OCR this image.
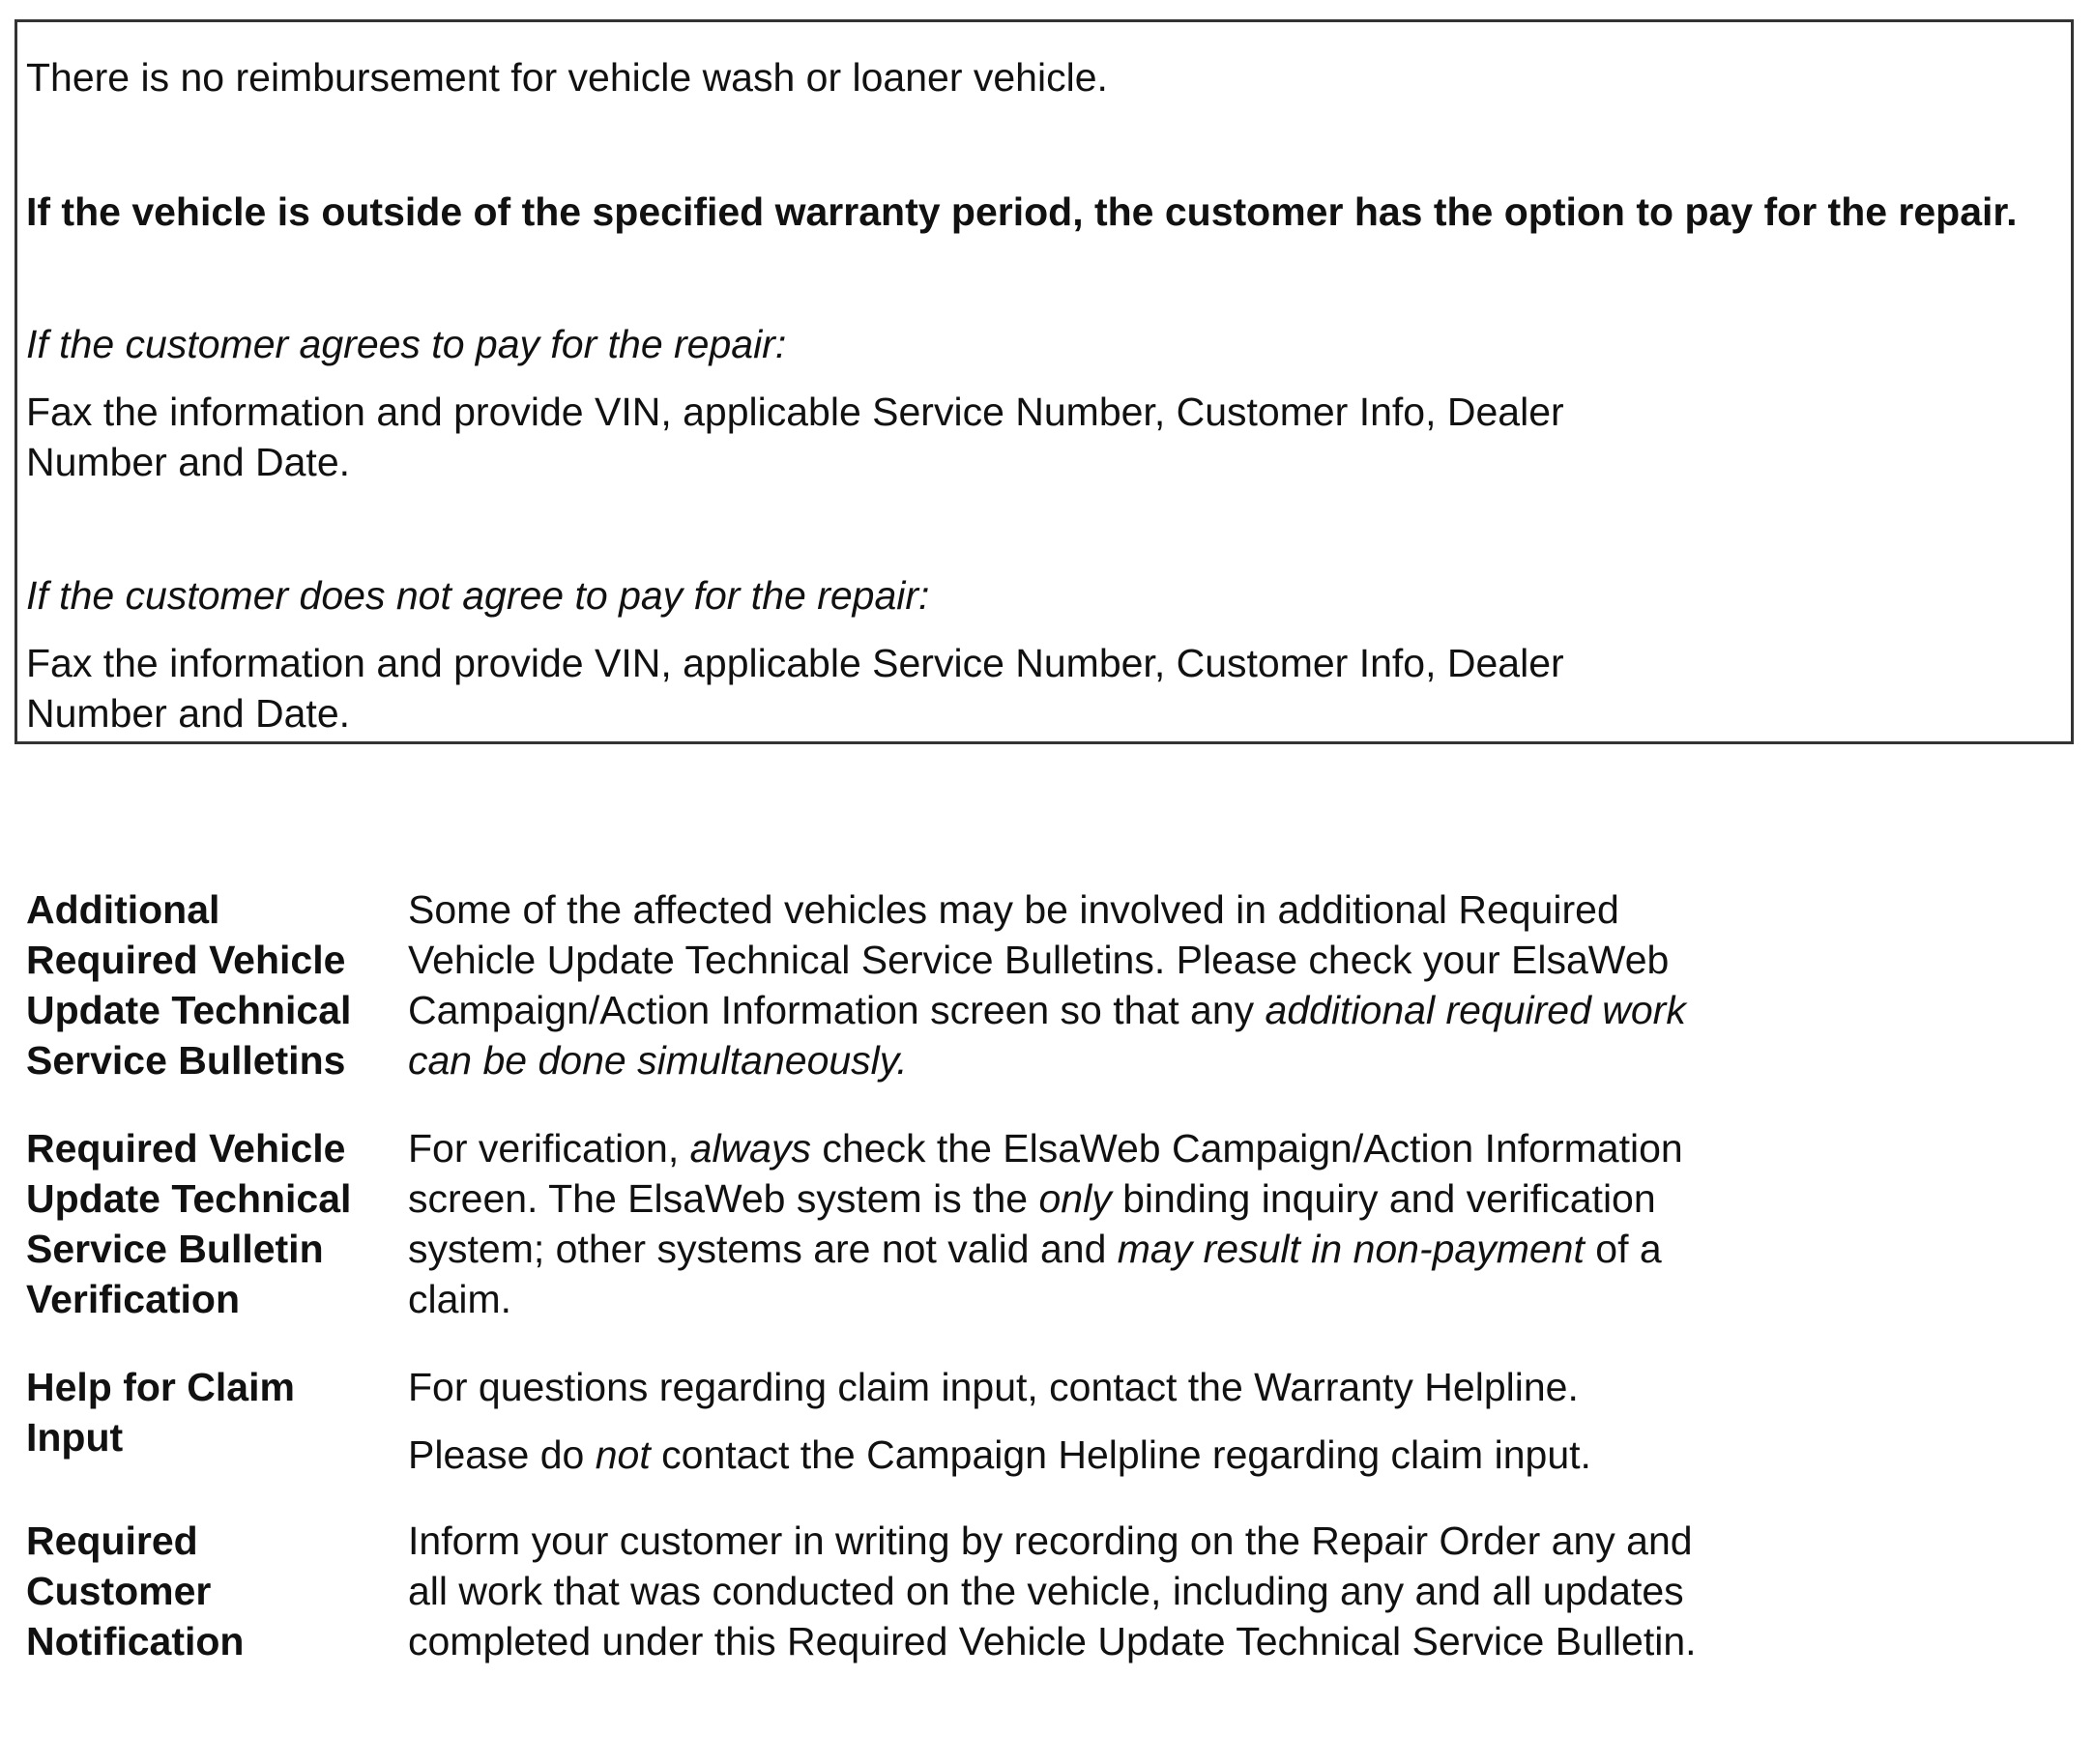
There is no reimbursement for vehicle wash or loaner vehicle.
If the vehicle is outside of the specified warranty period, the customer has the option to pay for the repair.
If the customer agrees to pay for the repair:
Fax the information and provide VIN, applicable Service Number, Customer Info, Dealer
Number and Date.
If the customer does not agree to pay for the repair:
Fax the information and provide VIN, applicable Service Number, Customer Info, Dealer
Number and Date.
Additional Required Vehicle Update Technical Service Bulletins
Some of the affected vehicles may be involved in additional Required Vehicle Update Technical Service Bulletins. Please check your ElsaWeb Campaign/Action Information screen so that any additional required work can be done simultaneously.
Required Vehicle Update Technical Service Bulletin Verification
For verification, always check the ElsaWeb Campaign/Action Information screen. The ElsaWeb system is the only binding inquiry and verification system; other systems are not valid and may result in non-payment of a claim.
Help for Claim Input

For questions regarding claim input, contact the Warranty Helpline.

Please do not contact the Campaign Helpline regarding claim input.

Required Customer Notification
Inform your customer in writing by recording on the Repair Order any and all work that was conducted on the vehicle, including any and all updates completed under this Required Vehicle Update Technical Service Bulletin.
